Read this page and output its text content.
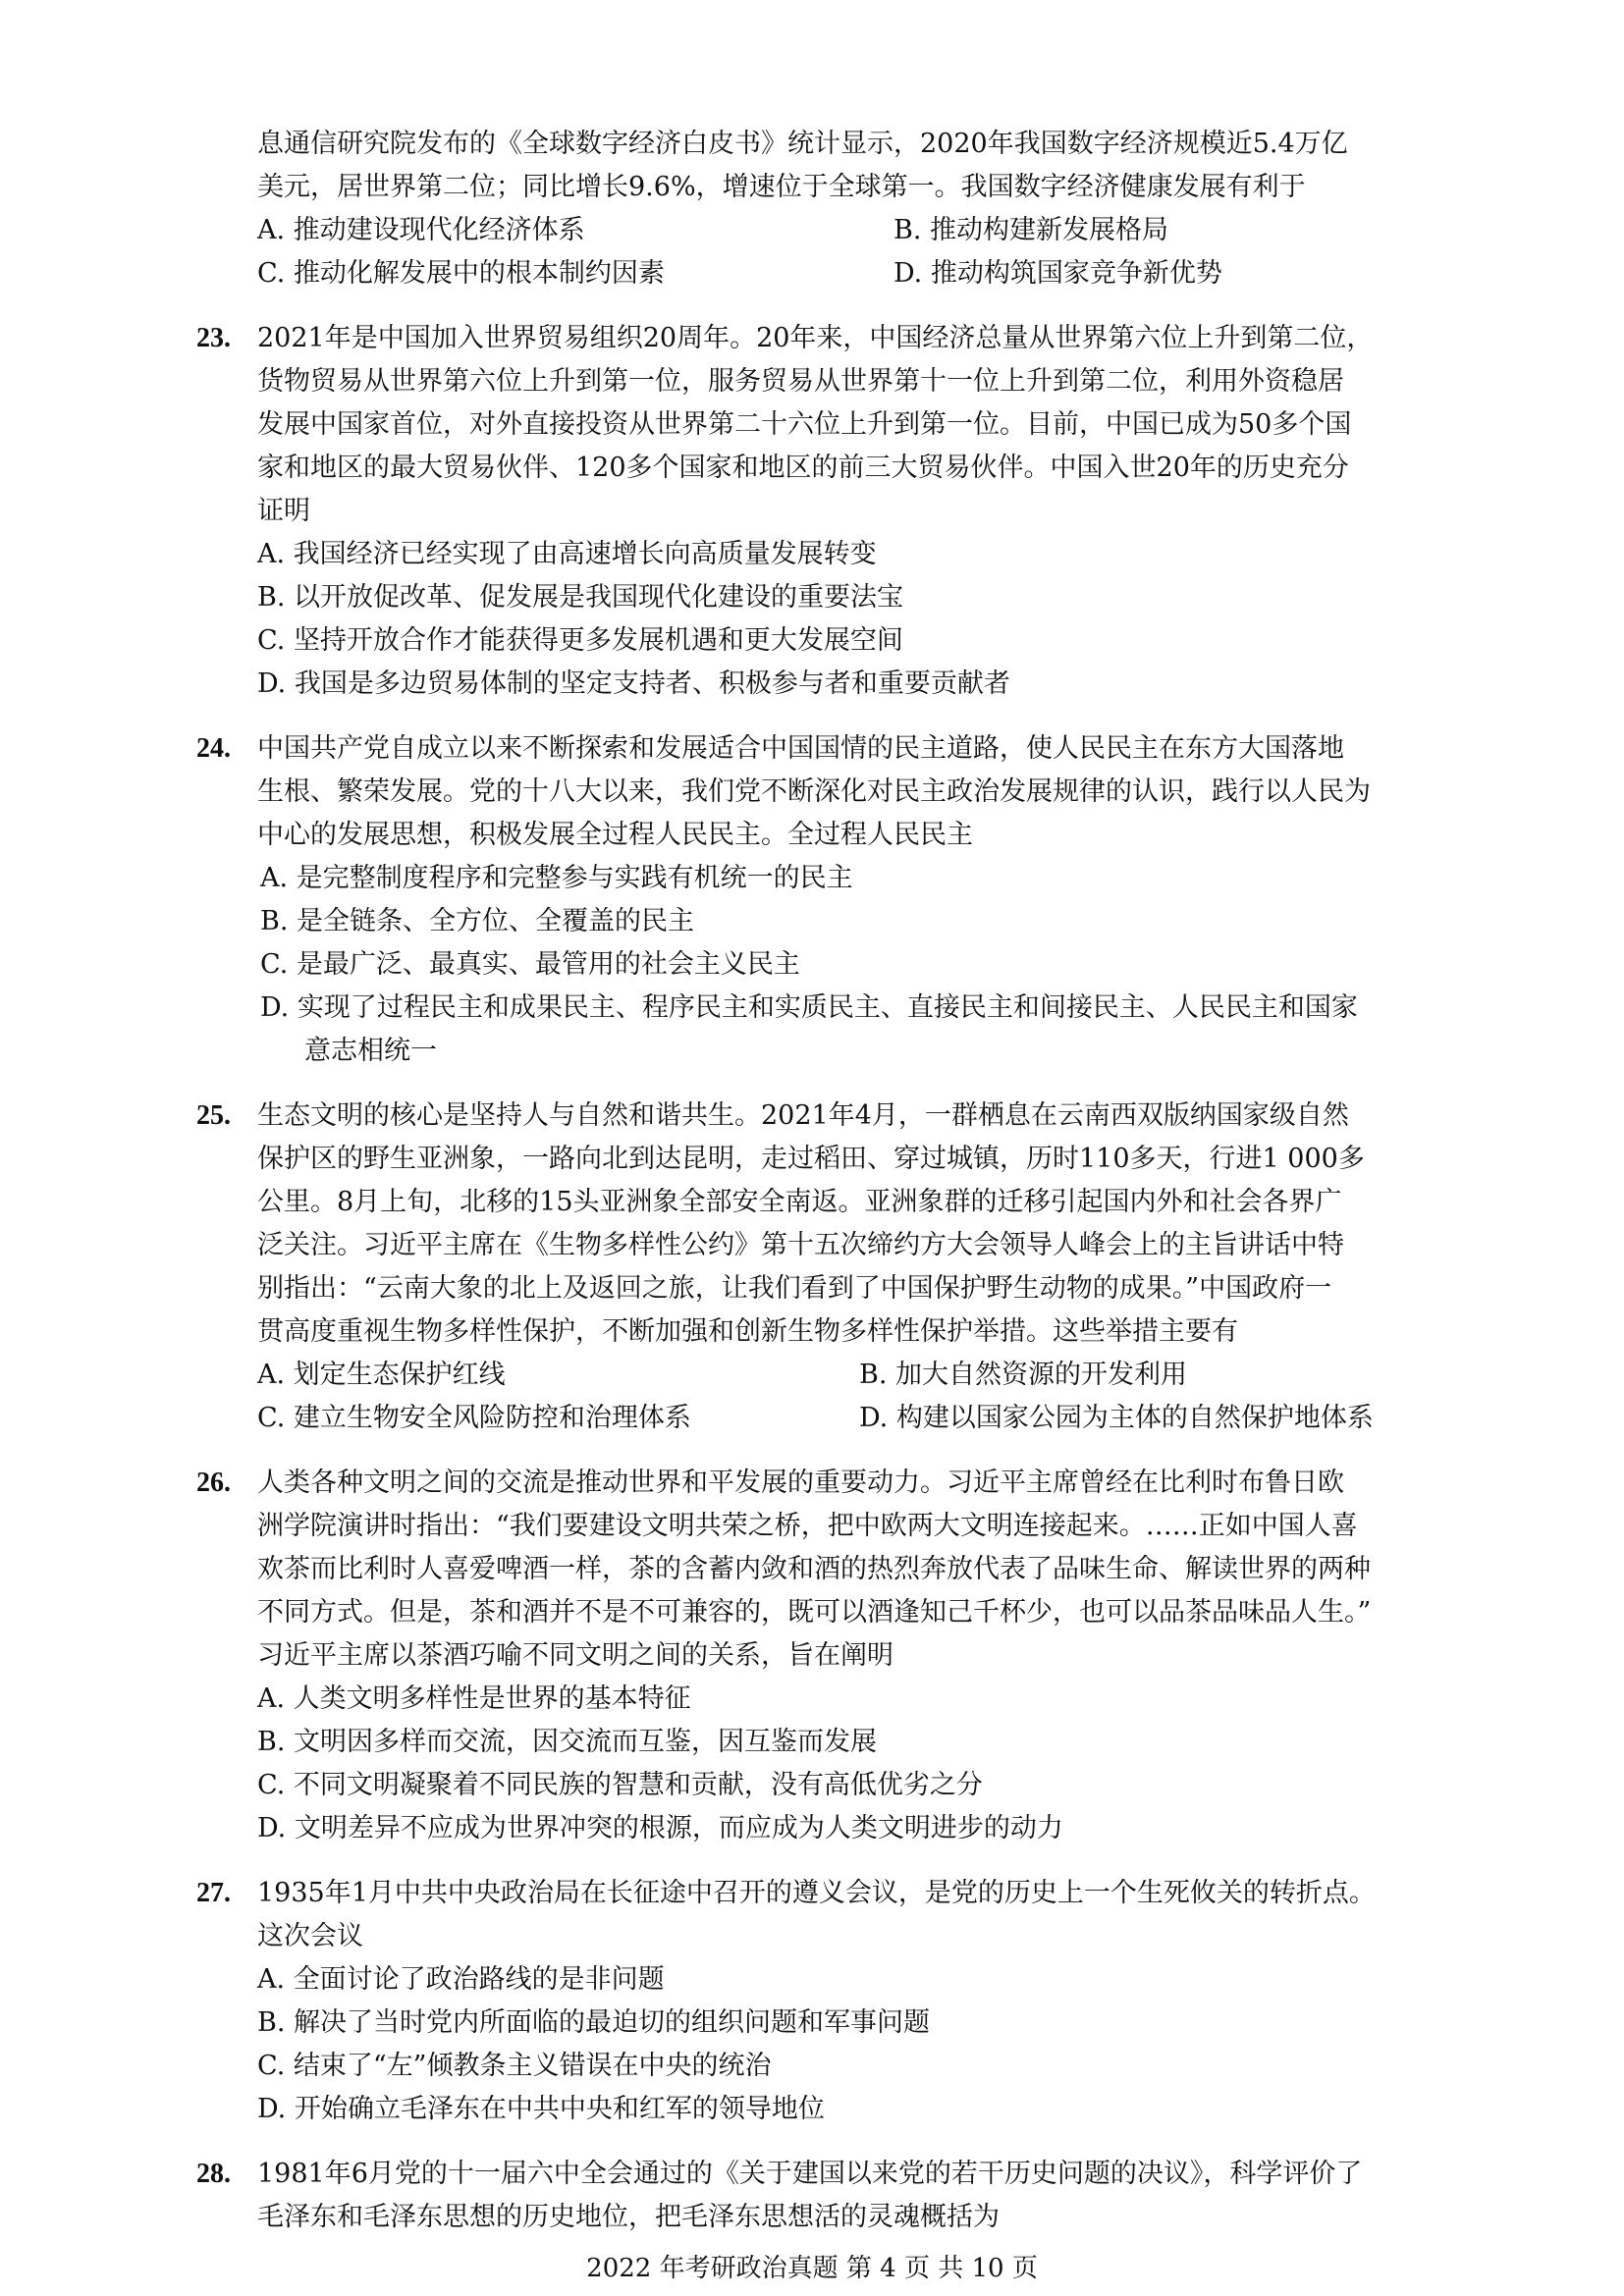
息通信研究院发布的《全球数字经济白皮书》统计显示，2020年我国数字经济规模近5.4万亿
美元，居世界第二位；同比增长9.6%，增速位于全球第一。我国数字经济健康发展有利于
A. 推动建设现代化经济体系	B. 推动构建新发展格局
C. 推动化解发展中的根本制约因素	D. 推动构筑国家竞争新优势
23. 2021年是中国加入世界贸易组织20周年。20年来，中国经济总量从世界第六位上升到第二位，
货物贸易从世界第六位上升到第一位，服务贸易从世界第十一位上升到第二位，利用外资稳居
发展中国家首位，对外直接投资从世界第二十六位上升到第一位。目前，中国已成为50多个国
家和地区的最大贸易伙伴、120多个国家和地区的前三大贸易伙伴。中国入世20年的历史充分
证明
A. 我国经济已经实现了由高速增长向高质量发展转变
B. 以开放促改革、促发展是我国现代化建设的重要法宝
C. 坚持开放合作才能获得更多发展机遇和更大发展空间
D. 我国是多边贸易体制的坚定支持者、积极参与者和重要贡献者
24. 中国共产党自成立以来不断探索和发展适合中国国情的民主道路，使人民民主在东方大国落地
生根、繁荣发展。党的十八大以来，我们党不断深化对民主政治发展规律的认识，践行以人民为
中心的发展思想，积极发展全过程人民民主。全过程人民民主
A. 是完整制度程序和完整参与实践有机统一的民主
B. 是全链条、全方位、全覆盖的民主
C. 是最广泛、最真实、最管用的社会主义民主
D. 实现了过程民主和成果民主、程序民主和实质民主、直接民主和间接民主、人民民主和国家
意志相统一
25. 生态文明的核心是坚持人与自然和谐共生。2021年4月，一群栖息在云南西双版纳国家级自然
保护区的野生亚洲象，一路向北到达昆明，走过稻田、穿过城镇，历时110多天，行进1 000多
公里。8月上旬，北移的15头亚洲象全部安全南返。亚洲象群的迁移引起国内外和社会各界广
泛关注。习近平主席在《生物多样性公约》第十五次缔约方大会领导人峰会上的主旨讲话中特
别指出：“云南大象的北上及返回之旅，让我们看到了中国保护野生动物的成果。”中国政府一
贯高度重视生物多样性保护，不断加强和创新生物多样性保护举措。这些举措主要有
A. 划定生态保护红线	B. 加大自然资源的开发利用
C. 建立生物安全风险防控和治理体系	D. 构建以国家公园为主体的自然保护地体系
26. 人类各种文明之间的交流是推动世界和平发展的重要动力。习近平主席曾经在比利时布鲁日欧
洲学院演讲时指出：“我们要建设文明共荣之桥，把中欧两大文明连接起来。……正如中国人喜
欢茶而比利时人喜爱啤酒一样，茶的含蓄内敛和酒的热烈奔放代表了品味生命、解读世界的两种
不同方式。但是，茶和酒并不是不可兼容的，既可以酒逢知己千杯少，也可以品茶品味品人生。”
习近平主席以茶酒巧喻不同文明之间的关系，旨在阐明
A. 人类文明多样性是世界的基本特征
B. 文明因多样而交流，因交流而互鉴，因互鉴而发展
C. 不同文明凝聚着不同民族的智慧和贡献，没有高低优劣之分
D. 文明差异不应成为世界冲突的根源，而应成为人类文明进步的动力
27. 1935年1月中共中央政治局在长征途中召开的遵义会议，是党的历史上一个生死攸关的转折点。
这次会议
A. 全面讨论了政治路线的是非问题
B. 解决了当时党内所面临的最迫切的组织问题和军事问题
C. 结束了“左”倾教条主义错误在中央的统治
D. 开始确立毛泽东在中共中央和红军的领导地位
28. 1981年6月党的十一届六中全会通过的《关于建国以来党的若干历史问题的决议》，科学评价了
毛泽东和毛泽东思想的历史地位，把毛泽东思想活的灵魂概括为
2022 年考研政治真题 第 4 页 共 10 页
